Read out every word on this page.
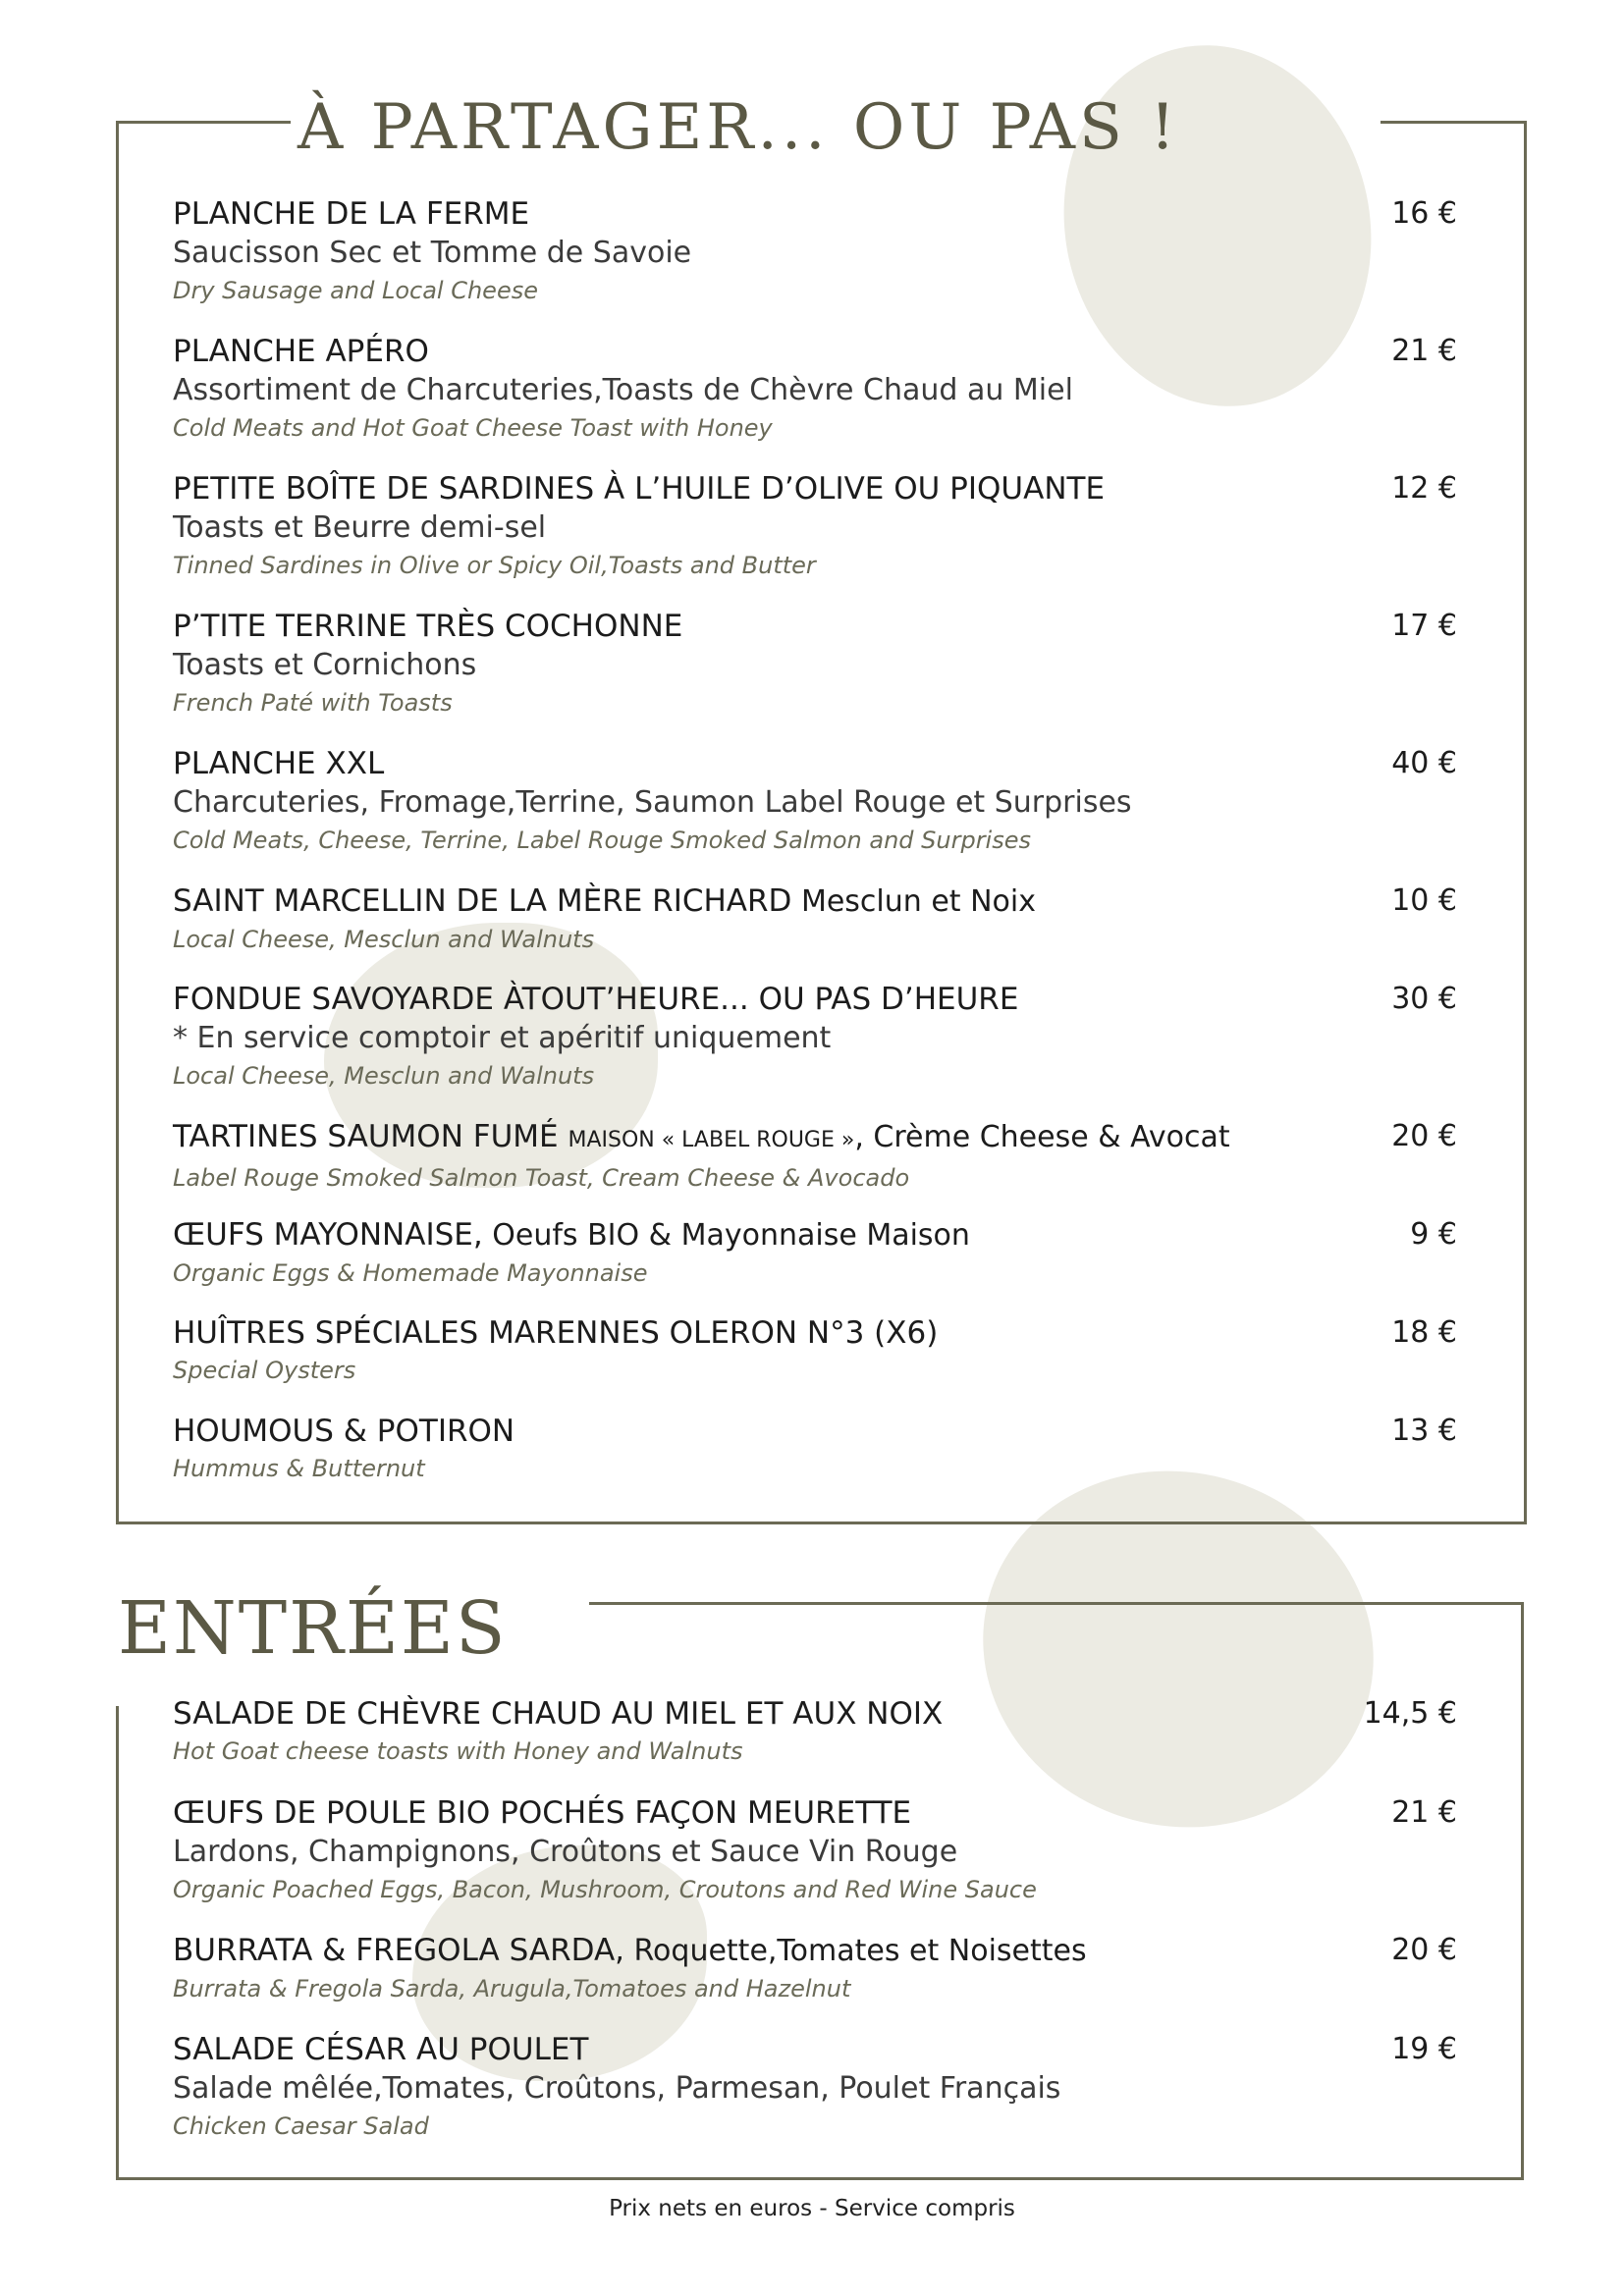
À PARTAGER... OU PAS !
PLANCHE DE LA FERME
Saucisson Sec et Tomme de Savoie
Dry Sausage and Local Cheese
16 €
PLANCHE APÉRO
Assortiment de Charcuteries,Toasts de Chèvre Chaud au Miel
Cold Meats and Hot Goat Cheese Toast with Honey
21 €
PETITE BOÎTE DE SARDINES À L’HUILE D’OLIVE OU PIQUANTE
Toasts et Beurre demi-sel
Tinned Sardines in Olive or Spicy Oil,Toasts and Butter
12 €
P’TITE TERRINE TRÈS COCHONNE
Toasts et Cornichons
French Paté with Toasts
17 €
PLANCHE XXL
Charcuteries, Fromage,Terrine, Saumon Label Rouge et Surprises
Cold Meats, Cheese, Terrine, Label Rouge Smoked Salmon and Surprises
40 €
SAINT MARCELLIN DE LA MÈRE RICHARD Mesclun et Noix
Local Cheese, Mesclun and Walnuts
10 €
FONDUE SAVOYARDE ÀTOUT’HEURE... OU PAS D’HEURE
* En service comptoir et apéritif uniquement
Local Cheese, Mesclun and Walnuts
30 €
TARTINES SAUMON FUMÉ MAISON « LABEL ROUGE », Crème Cheese & Avocat
Label Rouge Smoked Salmon Toast, Cream Cheese & Avocado
20 €
ŒUFS MAYONNAISE, Oeufs BIO & Mayonnaise Maison
Organic Eggs & Homemade Mayonnaise
9 €
HUÎTRES SPÉCIALES MARENNES OLERON N°3 (X6)
Special Oysters
18 €
HOUMOUS & POTIRON
Hummus & Butternut
13 €
ENTRÉES
SALADE DE CHÈVRE CHAUD AU MIEL ET AUX NOIX
Hot Goat cheese toasts with Honey and Walnuts
14,5 €
ŒUFS DE POULE BIO POCHÉS FAÇON MEURETTE
Lardons, Champignons, Croûtons et Sauce Vin Rouge
Organic Poached Eggs, Bacon, Mushroom, Croutons and Red Wine Sauce
21 €
BURRATA & FREGOLA SARDA, Roquette,Tomates et Noisettes
Burrata & Fregola Sarda, Arugula,Tomatoes and Hazelnut
20 €
SALADE CÉSAR AU POULET
Salade mêlée,Tomates, Croûtons, Parmesan, Poulet Français
Chicken Caesar Salad
19 €
Prix nets en euros - Service compris
